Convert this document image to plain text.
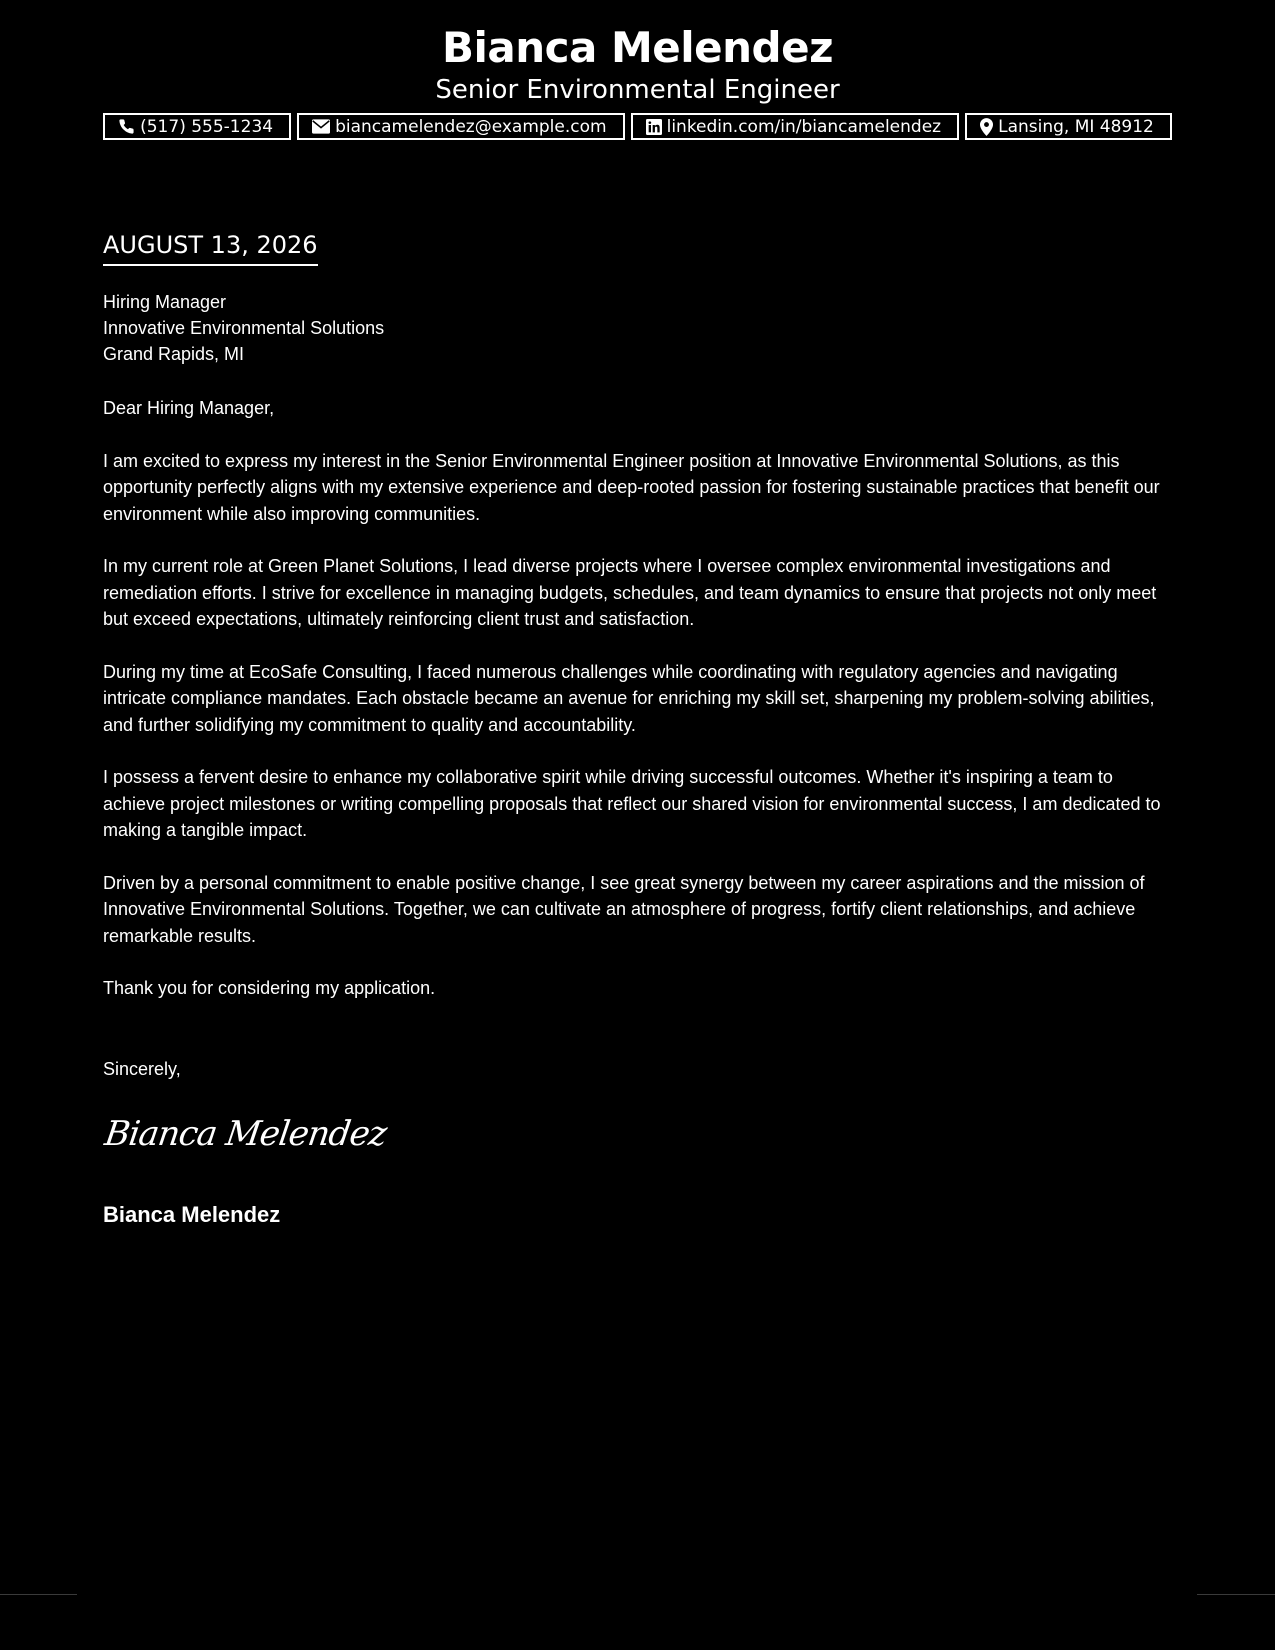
Bianca Melendez
Senior Environmental Engineer
(517) 555-1234	biancamelendez@example.com	linkedin.com/in/biancamelendez	Lansing, MI 48912
AUGUST 13, 2026
Hiring Manager
Innovative Environmental Solutions
Grand Rapids, MI

Dear Hiring Manager,

I am excited to express my interest in the Senior Environmental Engineer position at Innovative Environmental Solutions, as this opportunity perfectly aligns with my extensive experience and deep-rooted passion for fostering sustainable practices that benefit our environment while also improving communities.

In my current role at Green Planet Solutions, I lead diverse projects where I oversee complex environmental investigations and remediation efforts. I strive for excellence in managing budgets, schedules, and team dynamics to ensure that projects not only meet but exceed expectations, ultimately reinforcing client trust and satisfaction.

During my time at EcoSafe Consulting, I faced numerous challenges while coordinating with regulatory agencies and navigating intricate compliance mandates. Each obstacle became an avenue for enriching my skill set, sharpening my problem-solving abilities, and further solidifying my commitment to quality and accountability.

I possess a fervent desire to enhance my collaborative spirit while driving successful outcomes. Whether it's inspiring a team to achieve project milestones or writing compelling proposals that reflect our shared vision for environmental success, I am dedicated to making a tangible impact.

Driven by a personal commitment to enable positive change, I see great synergy between my career aspirations and the mission of Innovative Environmental Solutions. Together, we can cultivate an atmosphere of progress, fortify client relationships, and achieve remarkable results.

Thank you for considering my application.

Sincerely,
Bianca Melendez
Bianca Melendez
